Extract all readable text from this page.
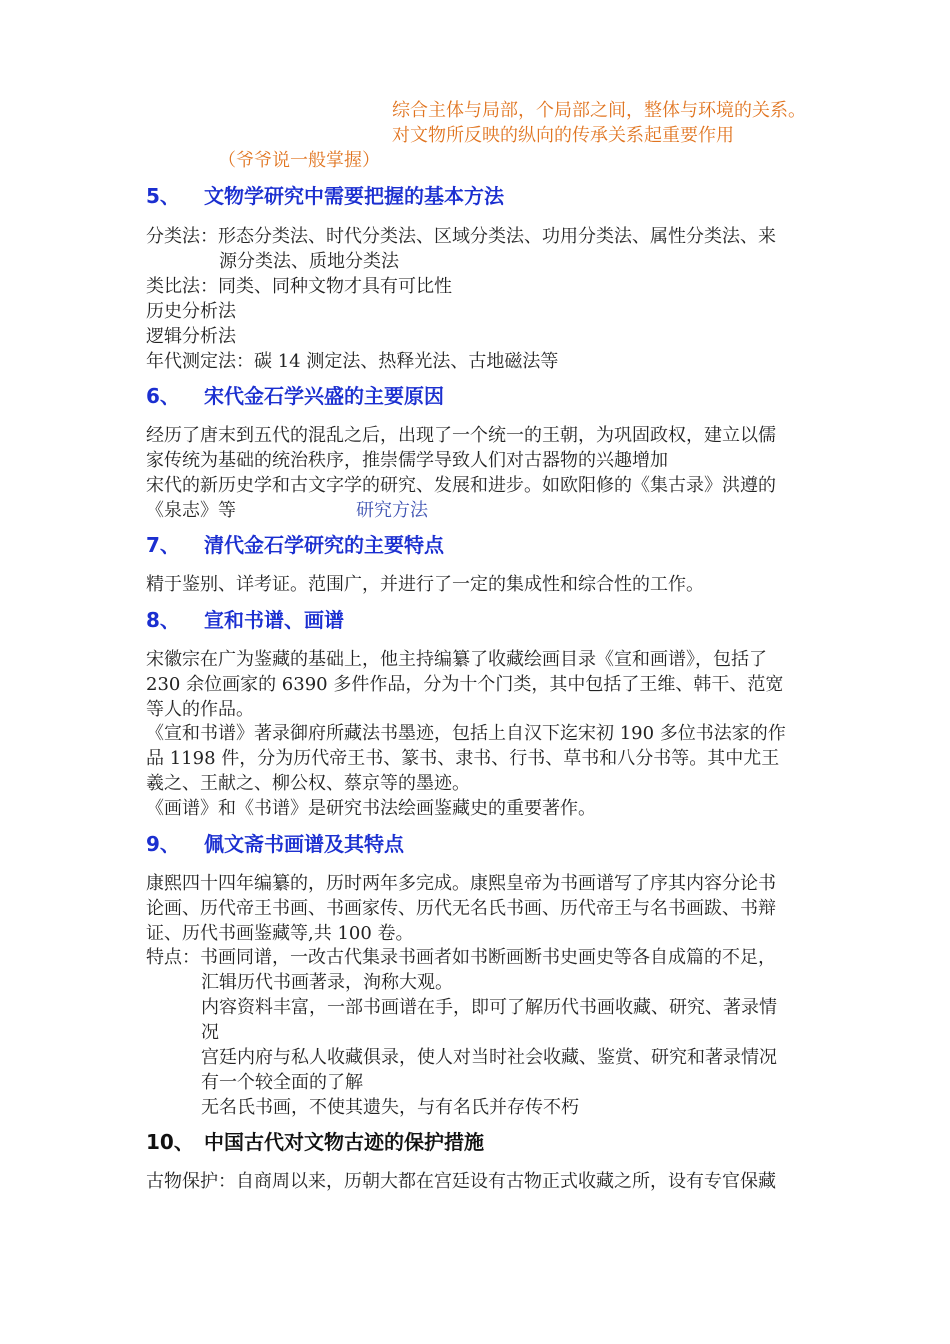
综合主体与局部，个局部之间，整体与环境的关系。
对文物所反映的纵向的传承关系起重要作用
（爷爷说一般掌握）
5、 文物学研究中需要把握的基本方法
分类法：形态分类法、时代分类法、区域分类法、功用分类法、属性分类法、来
源分类法、质地分类法
类比法：同类、同种文物才具有可比性
历史分析法
逻辑分析法
年代测定法：碳 14 测定法、热释光法、古地磁法等
6、 宋代金石学兴盛的主要原因
经历了唐末到五代的混乱之后，出现了一个统一的王朝，为巩固政权，建立以儒
家传统为基础的统治秩序，推崇儒学导致人们对古器物的兴趣增加
宋代的新历史学和古文字学的研究、发展和进步。如欧阳修的《集古录》洪遵的
《泉志》等	研究方法
7、 清代金石学研究的主要特点
精于鉴别、详考证。范围广，并进行了一定的集成性和综合性的工作。
8、 宣和书谱、画谱
宋徽宗在广为鉴藏的基础上，他主持编纂了收藏绘画目录《宣和画谱》，包括了
230 余位画家的 6390 多件作品，分为十个门类，其中包括了王维、韩干、范宽
等人的作品。
《宣和书谱》著录御府所藏法书墨迹，包括上自汉下迄宋初 190 多位书法家的作
品 1198 件，分为历代帝王书、篆书、隶书、行书、草书和八分书等。其中尤王
羲之、王献之、柳公权、蔡京等的墨迹。
《画谱》和《书谱》是研究书法绘画鉴藏史的重要著作。
9、 佩文斋书画谱及其特点
康熙四十四年编纂的，历时两年多完成。康熙皇帝为书画谱写了序其内容分论书
论画、历代帝王书画、书画家传、历代无名氏书画、历代帝王与名书画跋、书辩
证、历代书画鉴藏等,共 100 卷。
特点：书画同谱，一改古代集录书画者如书断画断书史画史等各自成篇的不足，
汇辑历代书画著录，洵称大观。
内容资料丰富，一部书画谱在手，即可了解历代书画收藏、研究、著录情
况
宫廷内府与私人收藏俱录，使人对当时社会收藏、鉴赏、研究和著录情况
有一个较全面的了解
无名氏书画，不使其遗失，与有名氏并存传不朽
10、 中国古代对文物古迹的保护措施
古物保护：自商周以来，历朝大都在宫廷设有古物正式收藏之所，设有专官保藏
